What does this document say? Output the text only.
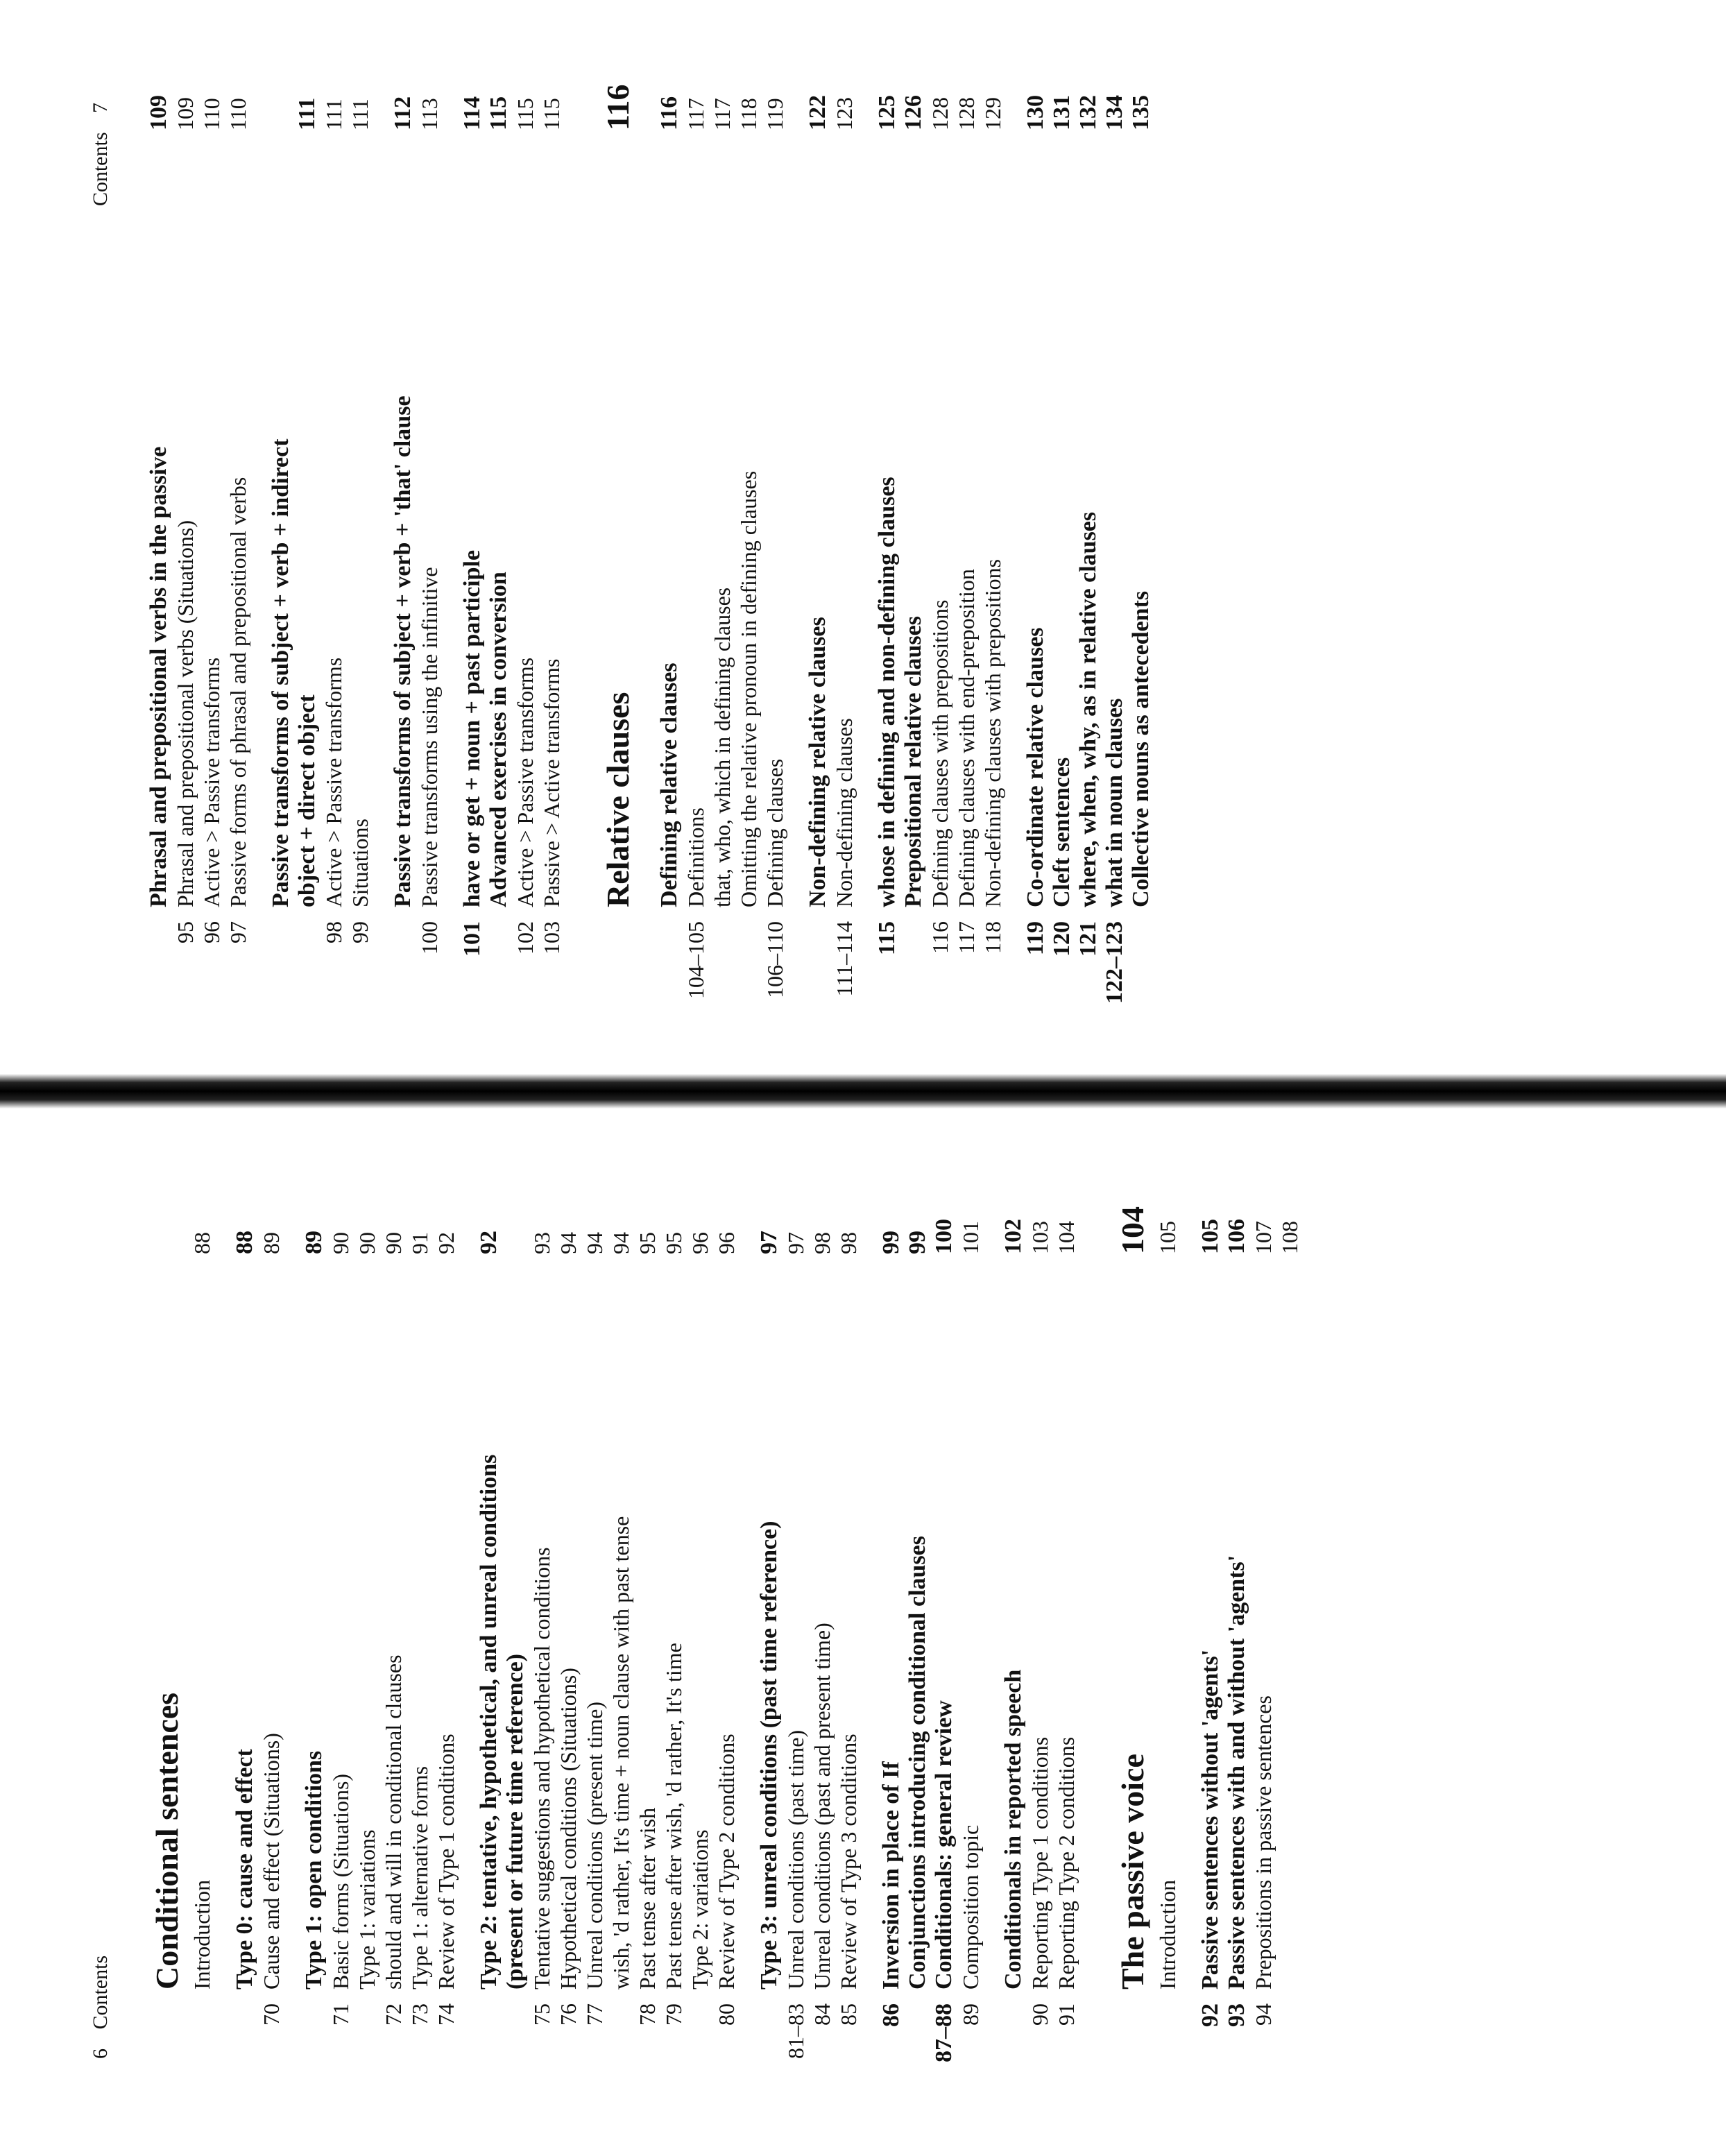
6 Contents
Conditional sentences Introduction
88
Type 0: cause and effect
88
70
Cause and effect (Situations)
89
Type 1: open conditions
89
71
Basic forms (Situations)
90
Type 1: variations
90
72
should and will in conditional clauses
90
73
Type 1: alternative forms
91
74
Review of Type 1 conditions
92
Type 2: tentative, hypothetical, and unreal conditions
92
(present or future time reference)
75
Tentative suggestions and hypothetical conditions
93
76
Hypothetical conditions (Situations)
94
77
Unreal conditions (present time)
94
wish, 'd rather, It's time + noun clause with past tense
94
78
Past tense after wish
95
79
Past tense after wish, 'd rather, It's time
95
Type 2: variations
96
80
Review of Type 2 conditions
96
Type 3: unreal conditions (past time reference)
97
81–83
Unreal conditions (past time)
97
84
Unreal conditions (past and present time)
98
85
Review of Type 3 conditions
98
86
Inversion in place of If
99
Conjunctions introducing conditional clauses
99
87–88
Conditionals: general review
100
89
Composition topic
101
Conditionals in reported speech
102
90
Reporting Type 1 conditions
103
91
Reporting Type 2 conditions
104
The passive voice
104
Introduction
105
92
Passive sentences without 'agents'
105
93
Passive sentences with and without 'agents'
106
94
Prepositions in passive sentences
107 108
Contents 7
Phrasal and prepositional verbs in the passive
109
95
Phrasal and prepositional verbs (Situations)
109
96
Active > Passive transforms
110
97
Passive forms of phrasal and prepositional verbs
110
Passive transforms of subject + verb + indirect object + direct object
111
98
Active > Passive transforms
111
99
Situations
111
Passive transforms of subject + verb + 'that' clause
112
100
Passive transforms using the infinitive
113
101
have or get + noun + past participle
114
Advanced exercises in conversion
115
102
Active > Passive transforms
115
103
Passive > Active transforms
115
Relative clauses
116
Defining relative clauses
116
104–105
Definitions
117
that, who, which in defining clauses
117
Omitting the relative pronoun in defining clauses
118
106–110
Defining clauses
119
Non-defining relative clauses
122
111–114
Non-defining clauses
123
115
whose in defining and non-defining clauses
125
Prepositional relative clauses
126
116
Defining clauses with prepositions
128
117
Defining clauses with end-preposition
128
118
Non-defining clauses with prepositions
129
119
Co-ordinate relative clauses
130
120
Cleft sentences
131
121
where, when, why, as in relative clauses
132
122–123
what in noun clauses
134
Collective nouns as antecedents
135
